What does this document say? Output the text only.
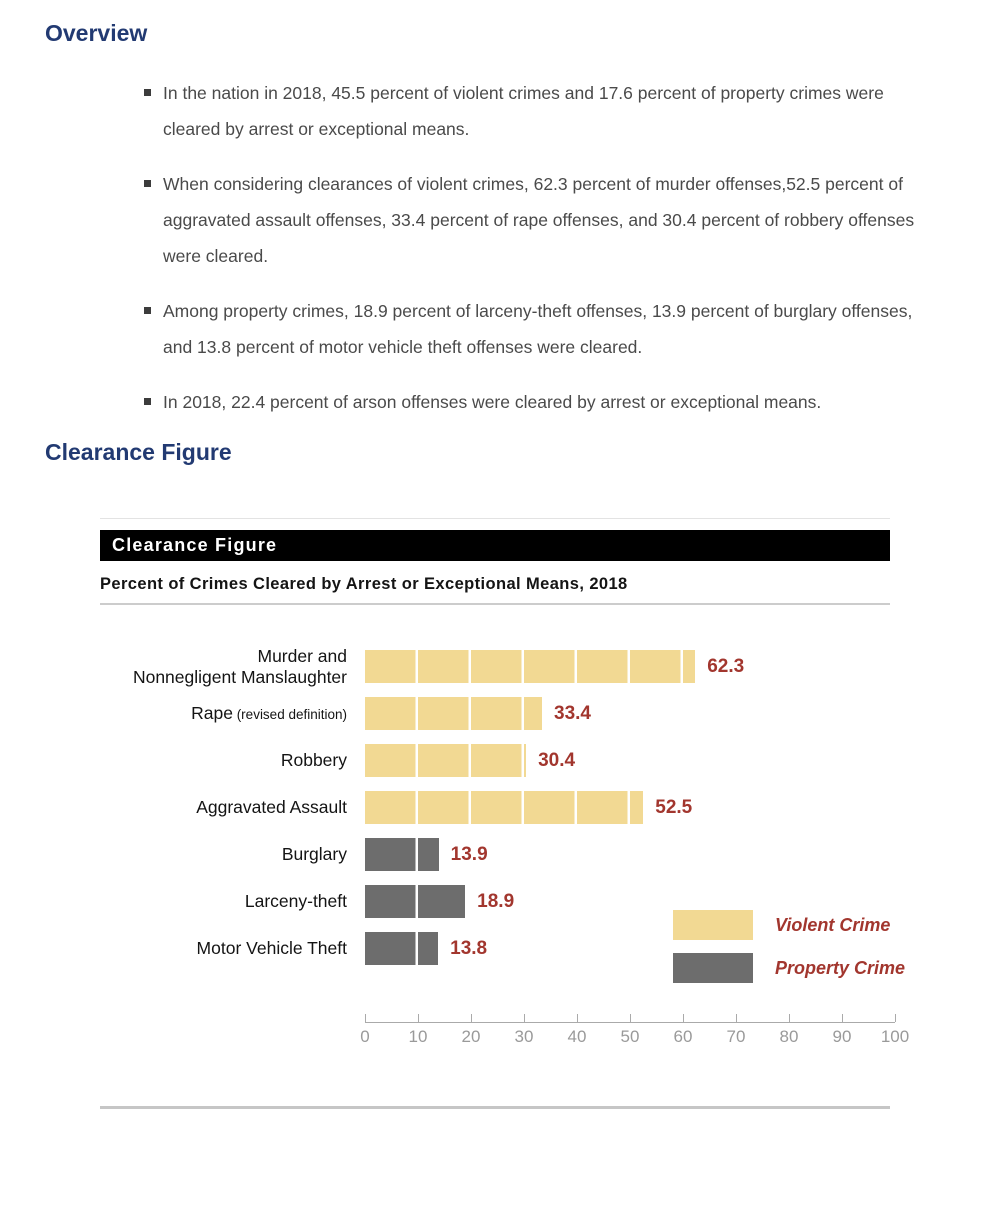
Overview
In the nation in 2018, 45.5 percent of violent crimes and 17.6 percent of property crimes were cleared by arrest or exceptional means.
When considering clearances of violent crimes, 62.3 percent of murder offenses,52.5 percent of aggravated assault offenses, 33.4 percent of rape offenses, and 30.4 percent of robbery offenses were cleared.
Among property crimes, 18.9 percent of larceny-theft offenses, 13.9 percent of burglary offenses, and 13.8 percent of motor vehicle theft offenses were cleared.
In 2018, 22.4 percent of arson offenses were cleared by arrest or exceptional means.
Clearance Figure
Clearance Figure
Percent of Crimes Cleared by Arrest or Exceptional Means, 2018
Murder and
Nonnegligent Manslaughter	62.3
Rape (revised definition)	33.4
Robbery	30.4
Aggravated Assault	52.5
Burglary	13.9
Larceny-theft	18.9
Motor Vehicle Theft	13.8
Violent Crime
Property Crime
0 10 20 30 40 50 60 70 80 90 100
